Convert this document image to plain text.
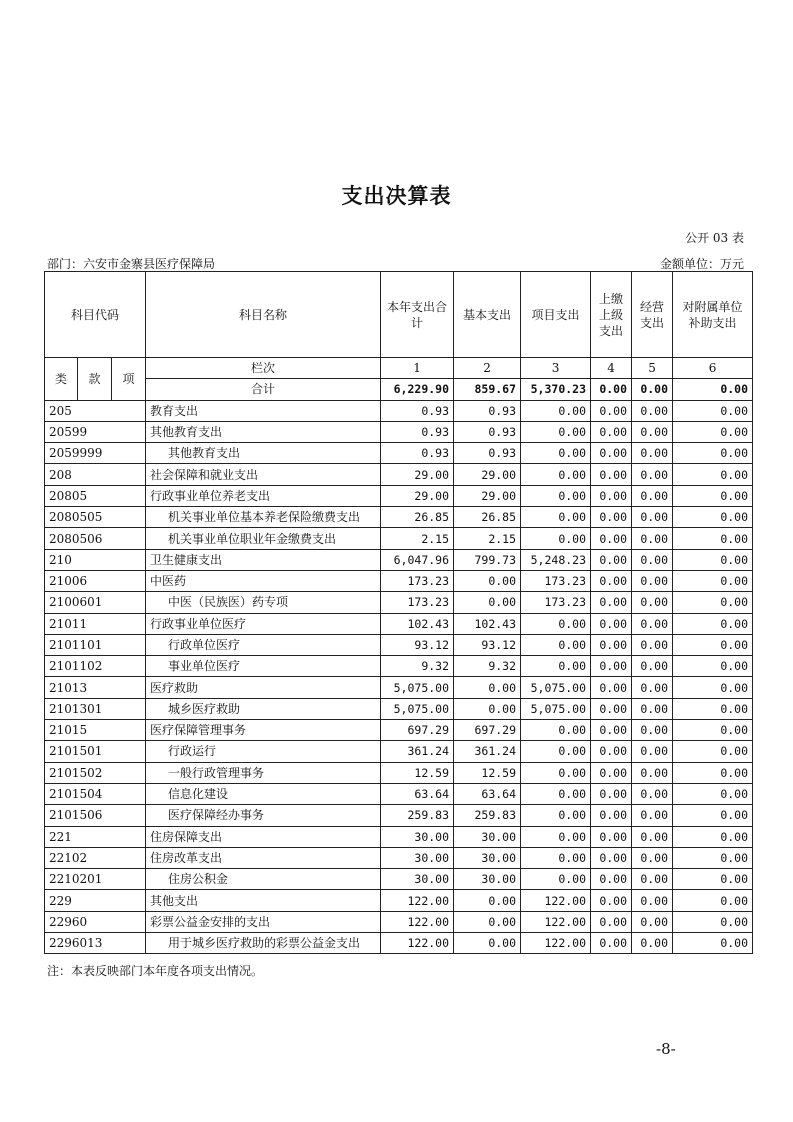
支出决算表
公开 03 表
部门：六安市金寨县医疗保障局	金额单位：万元
科目代码			科目名称	本年支出合计	基本支出	项目支出	上缴上级支出	经营支出	对附属单位补助支出
类	款	项	栏次	1	2	3	4	5	6
			合计	6,229.90	859.67	5,370.23	0.00	0.00	0.00
205			教育支出	0.93	0.93	0.00	0.00	0.00	0.00
20599			其他教育支出	0.93	0.93	0.00	0.00	0.00	0.00
2059999			其他教育支出	0.93	0.93	0.00	0.00	0.00	0.00
208			社会保障和就业支出	29.00	29.00	0.00	0.00	0.00	0.00
20805			行政事业单位养老支出	29.00	29.00	0.00	0.00	0.00	0.00
2080505			机关事业单位基本养老保险缴费支出	26.85	26.85	0.00	0.00	0.00	0.00
2080506			机关事业单位职业年金缴费支出	2.15	2.15	0.00	0.00	0.00	0.00
210			卫生健康支出	6,047.96	799.73	5,248.23	0.00	0.00	0.00
21006			中医药	173.23	0.00	173.23	0.00	0.00	0.00
2100601			中医（民族医）药专项	173.23	0.00	173.23	0.00	0.00	0.00
21011			行政事业单位医疗	102.43	102.43	0.00	0.00	0.00	0.00
2101101			行政单位医疗	93.12	93.12	0.00	0.00	0.00	0.00
2101102			事业单位医疗	9.32	9.32	0.00	0.00	0.00	0.00
21013			医疗救助	5,075.00	0.00	5,075.00	0.00	0.00	0.00
2101301			城乡医疗救助	5,075.00	0.00	5,075.00	0.00	0.00	0.00
21015			医疗保障管理事务	697.29	697.29	0.00	0.00	0.00	0.00
2101501			行政运行	361.24	361.24	0.00	0.00	0.00	0.00
2101502			一般行政管理事务	12.59	12.59	0.00	0.00	0.00	0.00
2101504			信息化建设	63.64	63.64	0.00	0.00	0.00	0.00
2101506			医疗保障经办事务	259.83	259.83	0.00	0.00	0.00	0.00
221			住房保障支出	30.00	30.00	0.00	0.00	0.00	0.00
22102			住房改革支出	30.00	30.00	0.00	0.00	0.00	0.00
2210201			住房公积金	30.00	30.00	0.00	0.00	0.00	0.00
229			其他支出	122.00	0.00	122.00	0.00	0.00	0.00
22960			彩票公益金安排的支出	122.00	0.00	122.00	0.00	0.00	0.00
2296013			用于城乡医疗救助的彩票公益金支出	122.00	0.00	122.00	0.00	0.00	0.00
注：本表反映部门本年度各项支出情况。
-8-
